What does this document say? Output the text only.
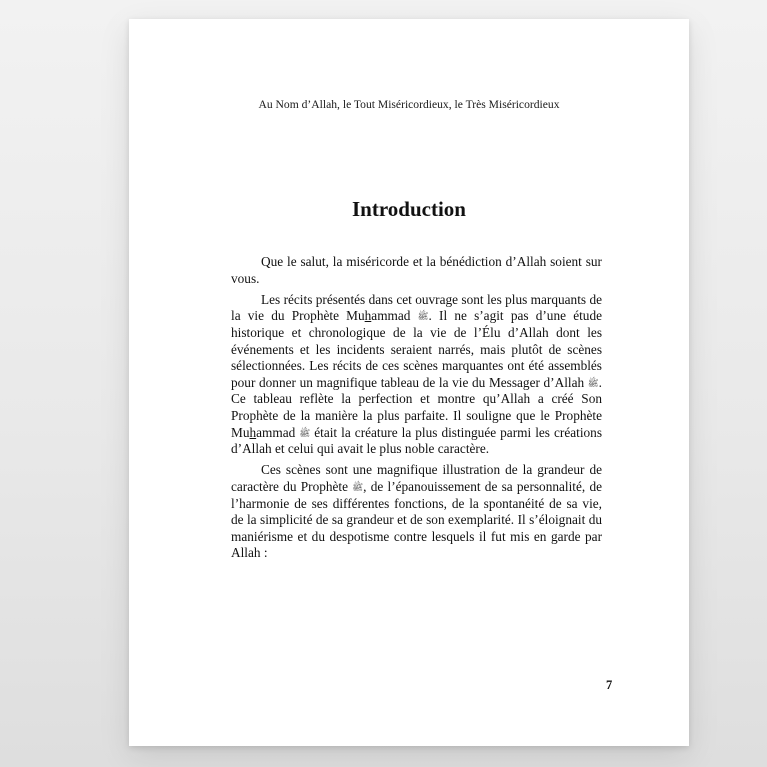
Au Nom d’Allah, le Tout Miséricordieux, le Très Miséricordieux
Introduction

Que le salut, la miséricorde et la bénédiction d’Allah soient sur vous.

Les récits présentés dans cet ouvrage sont les plus marquants de la vie du Prophète Muhammad ﷺ. Il ne s’agit pas d’une étude historique et chronologique de la vie de l’Élu d’Allah dont les événements et les incidents seraient narrés, mais plutôt de scènes sélectionnées. Les récits de ces scènes marquantes ont été assemblés pour donner un magnifique tableau de la vie du Messager d’Allah ﷺ. Ce tableau reflète la perfection et montre qu’Allah a créé Son Prophète de la manière la plus parfaite. Il souligne que le Prophète Muhammad ﷺ était la créature la plus distinguée parmi les créations d’Allah et celui qui avait le plus noble caractère.

Ces scènes sont une magnifique illustration de la grandeur de caractère du Prophète ﷺ, de l’épanouissement de sa personnalité, de l’harmonie de ses différentes fonctions, de la spontanéité de sa vie, de la simplicité de sa grandeur et de son exemplarité. Il s’éloignait du maniérisme et du despotisme contre lesquels il fut mis en garde par Allah :

7
